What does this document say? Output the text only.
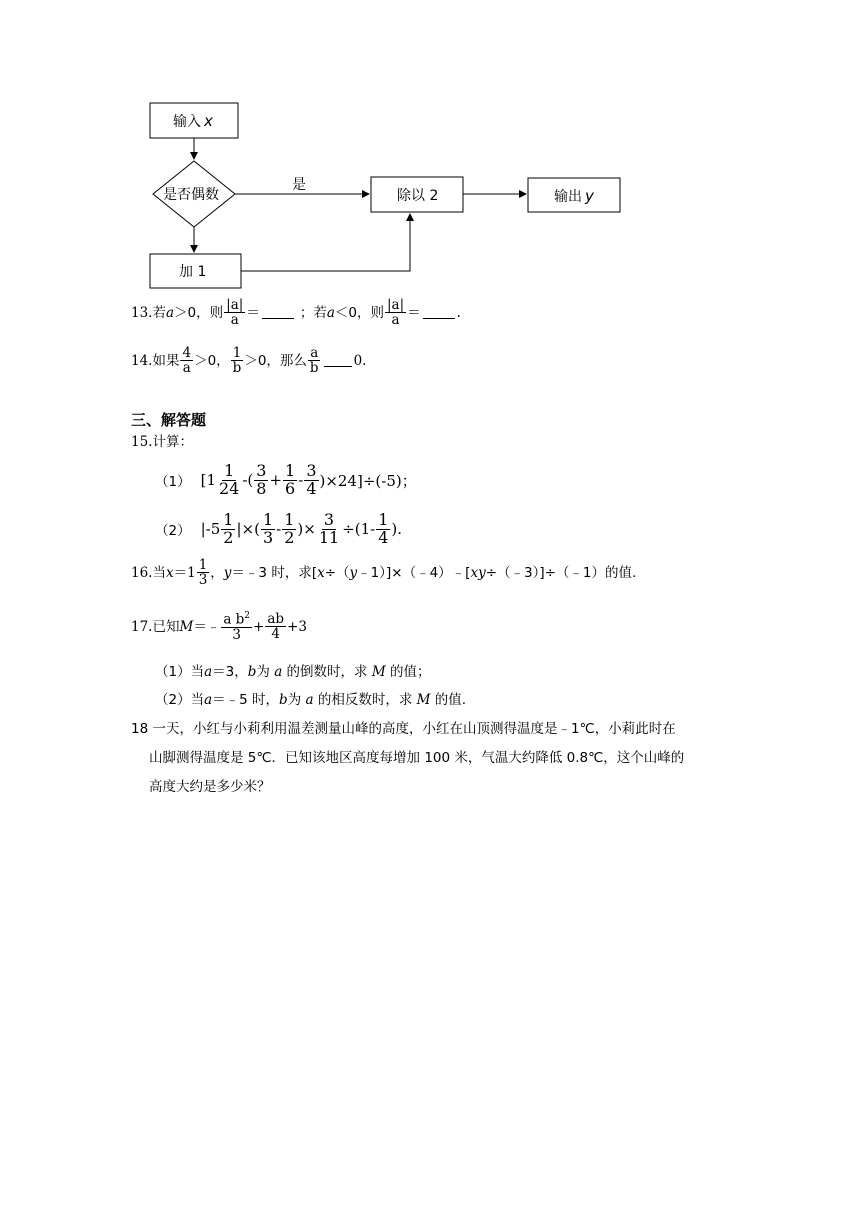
输入 x
是否偶数
是
除以 2	输出 y
加 1
13. 若 a ＞0，则 |a|
a ＝	；若 a ＜0，则 |a|
a ＝	.
14. 如果 4
a ＞0， 1
b ＞0，那么 a
b	0.
三、解答题
15.计算：
（1） [1
1
24 -(
3
8 +
1
6 -
3
4 )×24]÷(-5)；
（2） |-5
1
2 |×(
1
3 -
1
2 )×
3
11 ÷(1-
1
4 ).
16. 当 x ＝1 1
3 ， y ＝﹣3 时，求[ x ÷（ y ﹣1）]×（﹣4）﹣[ xy ÷（﹣3）]÷（﹣1）的值.
17. 已知 M ＝﹣ a $b^2$
$3 + \frac{ab}{4} +3$
（1）当a＝3，b为 a 的倒数时，求 M 的值；
（2）当a＝﹣5 时，b为 a 的相反数时，求 M 的值.
18 一天，小红与小莉利用温差测量山峰的高度，小红在山顶测得温度是﹣1℃，小莉此时在
山脚测得温度是 5℃．已知该地区高度每增加 100 米，气温大约降低 0.8℃，这个山峰的
高度大约是多少米？
